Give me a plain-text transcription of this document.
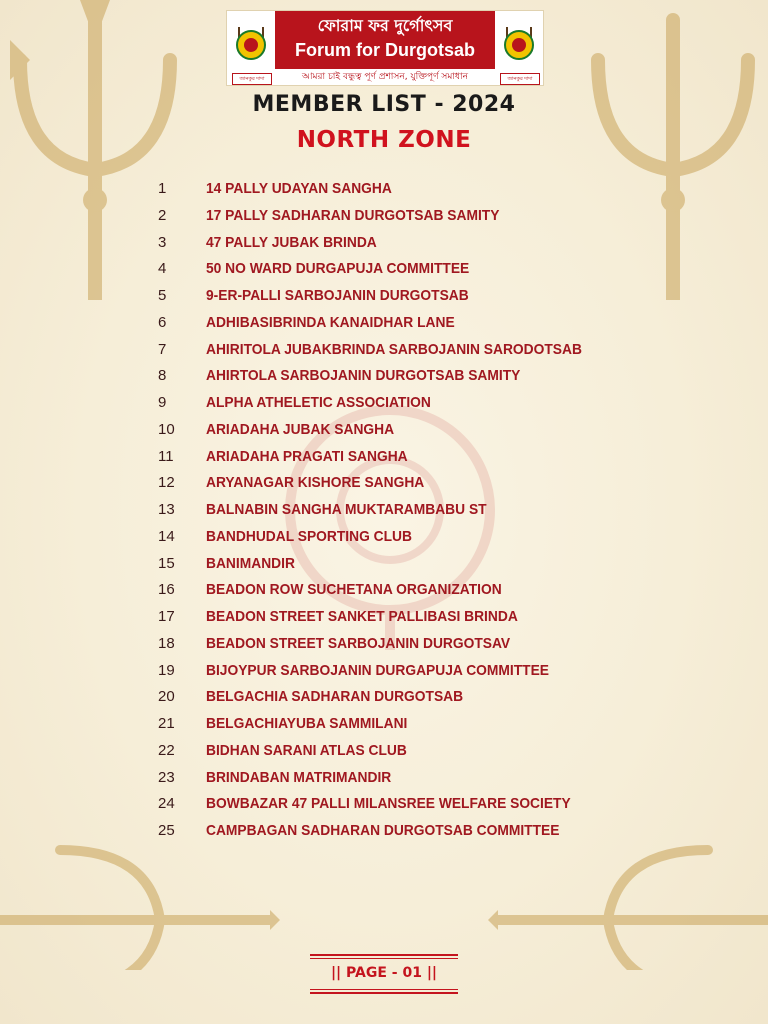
জানকুর দাদা
ফোরাম ফর দুর্গোৎসব
Forum for Durgotsab
আমরা চাই বন্ধুত্ব পূর্ণ প্রশাসন, যুক্তিপূর্ণ সমাধান	জানকুর দাদা
MEMBER LIST - 2024
NORTH ZONE
1	14 PALLY UDAYAN SANGHA
2	17 PALLY SADHARAN DURGOTSAB SAMITY
3	47 PALLY JUBAK BRINDA
4	50 NO WARD DURGAPUJA COMMITTEE
5	9-ER-PALLI SARBOJANIN DURGOTSAB
6	ADHIBASIBRINDA KANAIDHAR LANE
7	AHIRITOLA JUBAKBRINDA SARBOJANIN SARODOTSAB
8	AHIRTOLA SARBOJANIN DURGOTSAB SAMITY
9	ALPHA ATHELETIC ASSOCIATION
10	ARIADAHA JUBAK SANGHA
11	ARIADAHA PRAGATI SANGHA
12	ARYANAGAR KISHORE SANGHA
13	BALNABIN SANGHA MUKTARAMBABU ST
14	BANDHUDAL SPORTING CLUB
15	BANIMANDIR
16	BEADON ROW SUCHETANA ORGANIZATION
17	BEADON STREET SANKET PALLIBASI BRINDA
18	BEADON STREET SARBOJANIN DURGOTSAV
19	BIJOYPUR SARBOJANIN DURGAPUJA COMMITTEE
20	BELGACHIA SADHARAN DURGOTSAB
21	BELGACHIAYUBA SAMMILANI
22	BIDHAN SARANI ATLAS CLUB
23	BRINDABAN MATRIMANDIR
24	BOWBAZAR 47 PALLI MILANSREE WELFARE SOCIETY
25	CAMPBAGAN SADHARAN DURGOTSAB COMMITTEE
|| PAGE - 01 ||
